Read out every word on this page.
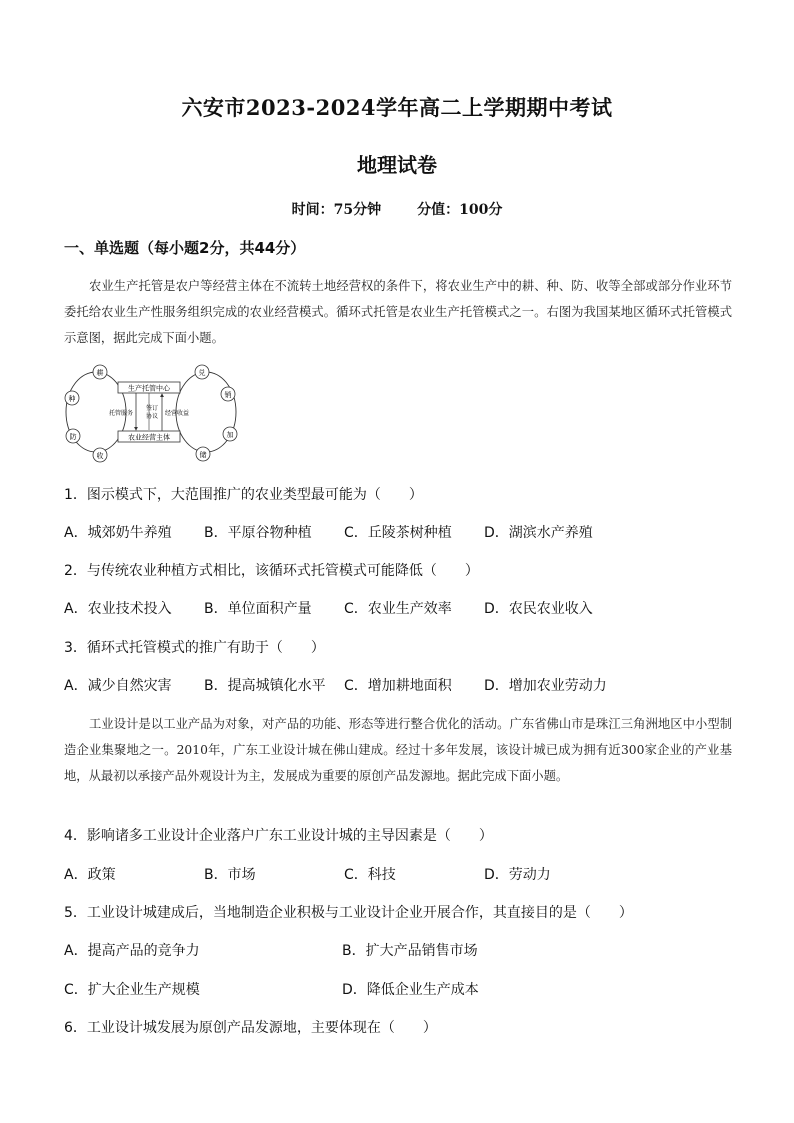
六安市2023-2024学年高二上学期期中考试
地理试卷
时间：75分钟	分值：100分
一、单选题（每小题2分，共44分）
农业生产托管是农户等经营主体在不流转土地经营权的条件下，将农业生产中的耕、种、防、收等全部或部分作业环节委托给农业生产性服务组织完成的农业经营模式。循环式托管是农业生产托管模式之一。右图为我国某地区循环式托管模式示意图，据此完成下面小题。
生产托管中心
农业经营主体
托管服务
签订
协议 经营收益
耕
种
防
收
兑
销
加
储
1．图示模式下，大范围推广的农业类型最可能为（　　）
A．城郊奶牛养殖 B．平原谷物种植 C．丘陵茶树种植 D．湖滨水产养殖
2．与传统农业种植方式相比，该循环式托管模式可能降低（　　）
A．农业技术投入 B．单位面积产量 C．农业生产效率 D．农民农业收入
3．循环式托管模式的推广有助于（　　）
A．减少自然灾害 B．提高城镇化水平 C．增加耕地面积 D．增加农业劳动力
工业设计是以工业产品为对象，对产品的功能、形态等进行整合优化的活动。广东省佛山市是珠江三角洲地区中小型制造企业集聚地之一。2010年，广东工业设计城在佛山建成。经过十多年发展，该设计城已成为拥有近300家企业的产业基地，从最初以承接产品外观设计为主，发展成为重要的原创产品发源地。据此完成下面小题。
4．影响诸多工业设计企业落户广东工业设计城的主导因素是（　　）
A．政策	B．市场	C．科技	D．劳动力
5．工业设计城建成后，当地制造企业积极与工业设计企业开展合作，其直接目的是（　　）
A．提高产品的竞争力	B．扩大产品销售市场
C．扩大企业生产规模	D．降低企业生产成本
6．工业设计城发展为原创产品发源地，主要体现在（　　）
